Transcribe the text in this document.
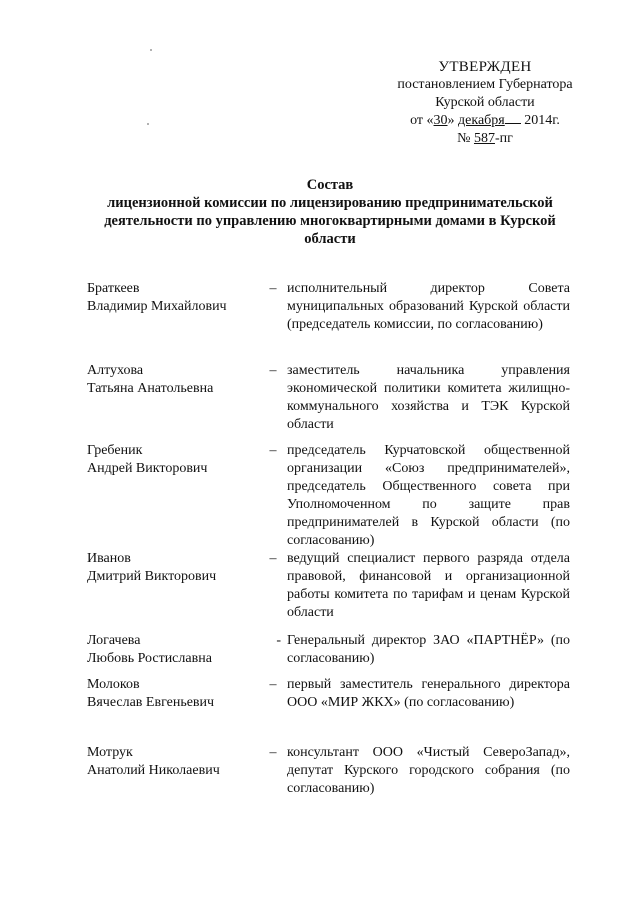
УТВЕРЖДЕН
постановлением Губернатора
Курской области
от «30» декабря 2014г.
№ 587-пг
Состав
лицензионной комиссии по лицензированию предпринимательской деятельности по управлению многоквартирными домами в Курской области
Браткеев
Владимир Михайлович
– исполнительный директор Совета муниципальных образований Курской области (председатель комиссии, по согласованию)
Алтухова
Татьяна Анатольевна
– заместитель начальника управления экономической политики комитета жилищно-коммунального хозяйства и ТЭК Курской области
Гребеник
Андрей Викторович
– председатель Курчатовской общественной организации «Союз предпринимателей», председатель Общественного совета при Уполномоченном по защите прав предпринимателей в Курской области (по согласованию)
Иванов
Дмитрий Викторович
– ведущий специалист первого разряда отдела правовой, финансовой и организационной работы комитета по тарифам и ценам Курской области
Логачева
Любовь Ростиславна
- Генеральный директор ЗАО «ПАРТНЁР» (по согласованию)
Молоков
Вячеслав Евгеньевич
– первый заместитель генерального директора ООО «МИР ЖКХ» (по согласованию)
Мотрук
Анатолий Николаевич
– консультант ООО «Чистый СевероЗапад», депутат Курского городского собрания (по согласованию)
